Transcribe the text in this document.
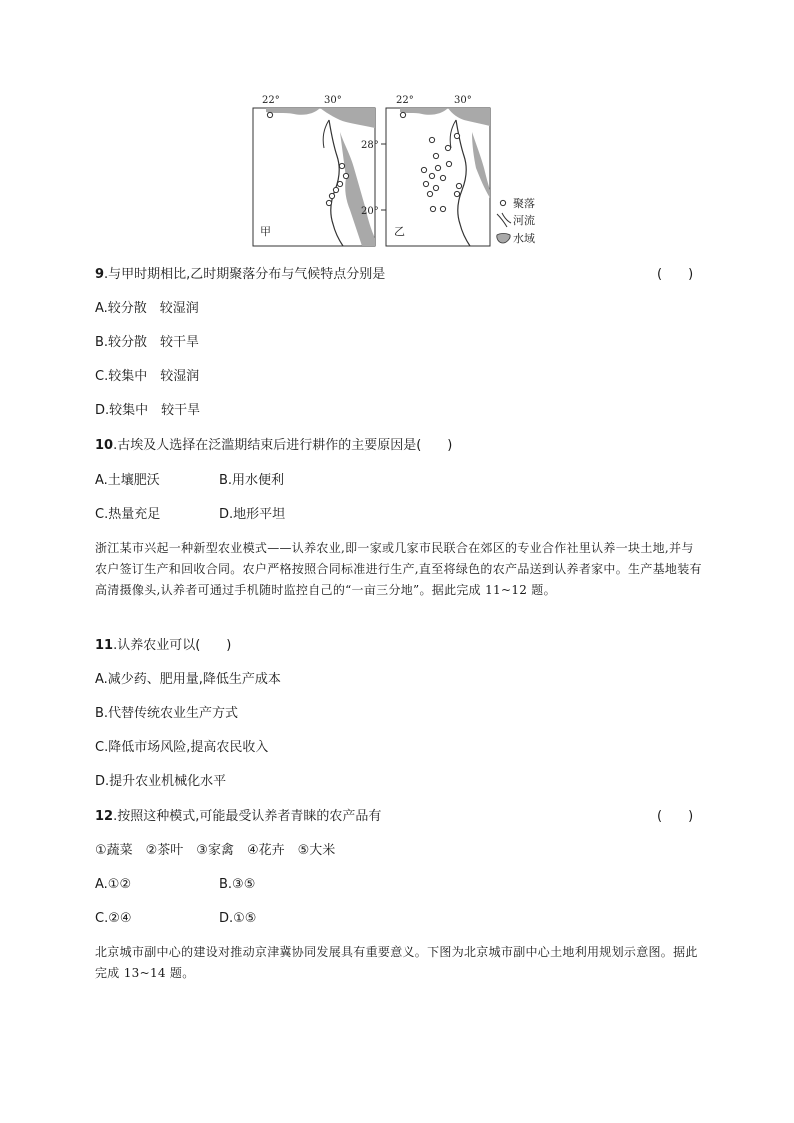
22°	30°
甲
28°
20°
22°	30°
乙
聚落
河流
水域
9.与甲时期相比,乙时期聚落分布与气候特点分别是	(　　)
A.较分散　较湿润
B.较分散　较干旱
C.较集中　较湿润
D.较集中　较干旱
10.古埃及人选择在泛滥期结束后进行耕作的主要原因是(　　)
A.土壤肥沃	B.用水便利
C.热量充足	D.地形平坦
浙江某市兴起一种新型农业模式——认养农业,即一家或几家市民联合在郊区的专业合作社里认养一块土地,并与农户签订生产和回收合同。农户严格按照合同标准进行生产,直至将绿色的农产品送到认养者家中。生产基地装有高清摄像头,认养者可通过手机随时监控自己的“一亩三分地”。据此完成 11~12 题。
11.认养农业可以(　　)
A.减少药、肥用量,降低生产成本
B.代替传统农业生产方式
C.降低市场风险,提高农民收入
D.提升农业机械化水平
12.按照这种模式,可能最受认养者青睐的农产品有	(　　)
①蔬菜　②茶叶　③家禽　④花卉　⑤大米
A.①②	B.③⑤
C.②④	D.①⑤
北京城市副中心的建设对推动京津冀协同发展具有重要意义。下图为北京城市副中心土地利用规划示意图。据此完成 13~14 题。
